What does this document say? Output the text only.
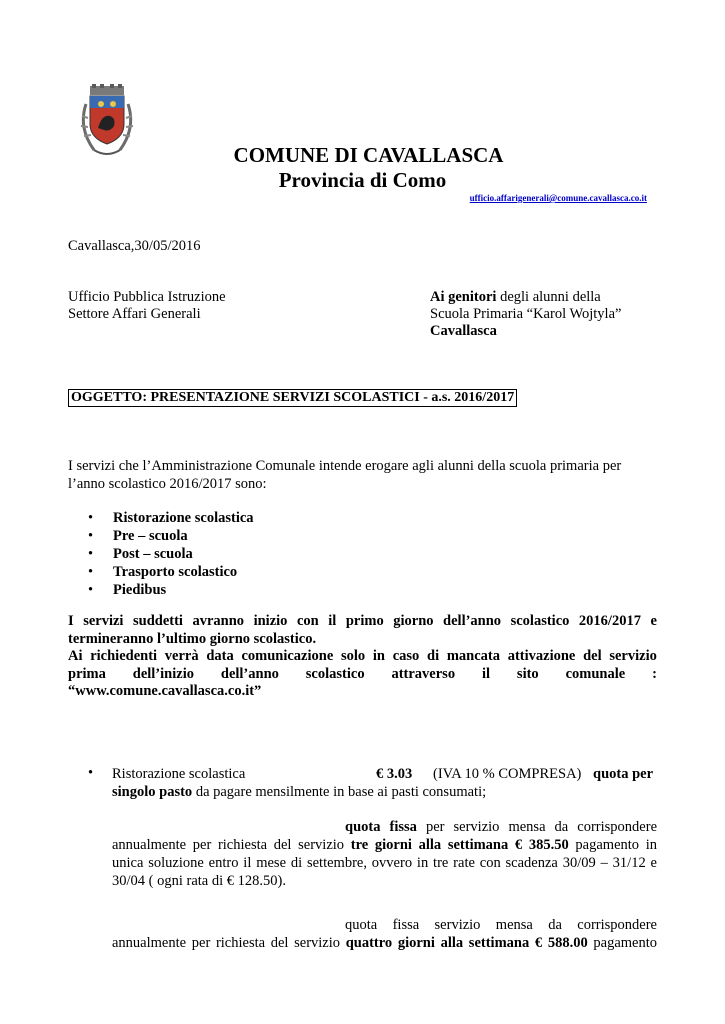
COMUNE DI CAVALLASCA
Provincia di Como
ufficio.affarigenerali@comune.cavallasca.co.it
Cavallasca,30/05/2016
Ufficio Pubblica Istruzione
Settore Affari Generali
Ai genitori degli alunni della
Scuola Primaria “Karol Wojtyla”
Cavallasca
OGGETTO: PRESENTAZIONE SERVIZI SCOLASTICI - a.s. 2016/2017
I servizi che l’Amministrazione Comunale intende erogare agli alunni della scuola primaria per
l’anno scolastico 2016/2017 sono:
• Ristorazione scolastica
• Pre – scuola
• Post – scuola
• Trasporto scolastico
• Piedibus
I servizi suddetti avranno inizio con il primo giorno dell’anno scolastico 2016/2017 e
termineranno l’ultimo giorno scolastico.
Ai richiedenti verrà data comunicazione solo in caso di mancata attivazione del servizio
prima dell’inizio dell’anno scolastico attraverso il sito comunale :
“www.comune.cavallasca.co.it”
• Ristorazione scolastica	€ 3.03 (IVA 10 % COMPRESA) quota per
singolo pasto da pagare mensilmente in base ai pasti consumati;
quota fissa per servizio mensa da corrispondere
annualmente per richiesta del servizio tre giorni alla settimana € 385.50 pagamento in
unica soluzione entro il mese di settembre, ovvero in tre rate con scadenza 30/09 – 31/12 e
30/04 ( ogni rata di € 128.50).
quota fissa servizio mensa da corrispondere
annualmente per richiesta del servizio quattro giorni alla settimana € 588.00 pagamento
